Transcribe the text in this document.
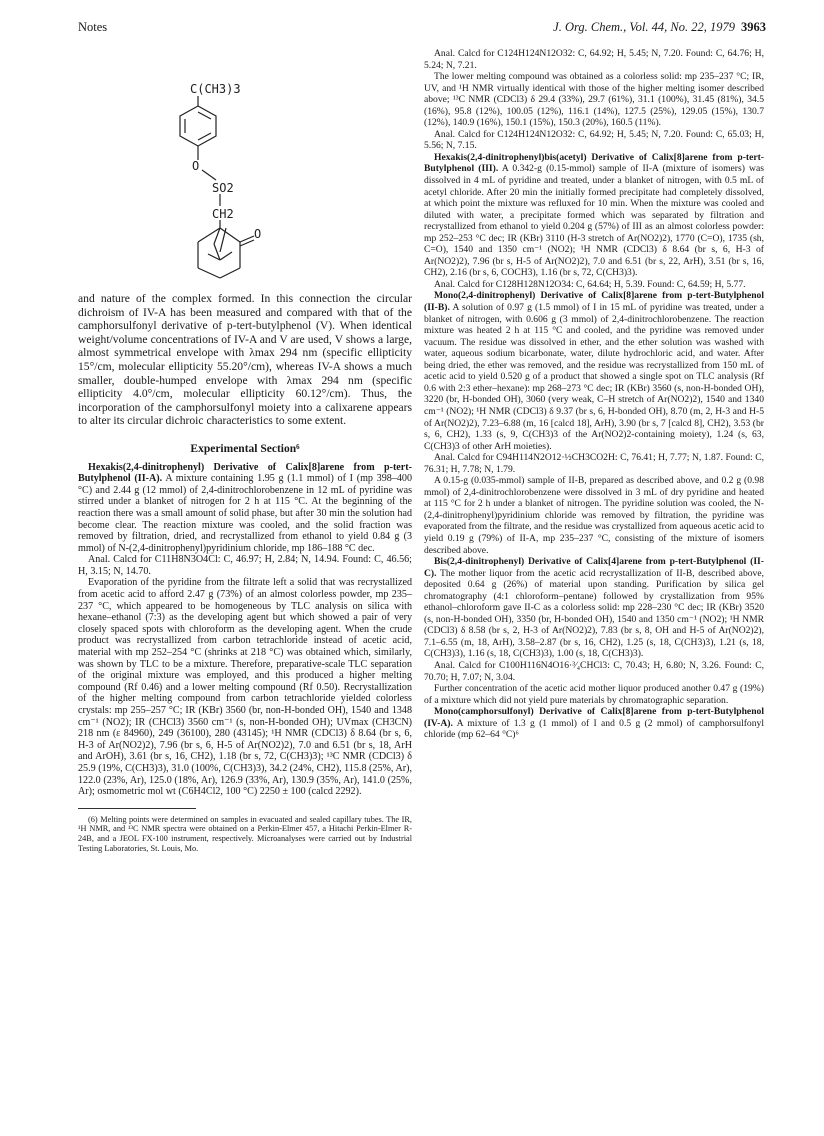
Notes	J. Org. Chem., Vol. 44, No. 22, 1979 3963
C(CH3)3
O
SO2
CH2
O

and nature of the complex formed. In this connection the circular dichroism of IV-A has been measured and compared with that of the camphorsulfonyl derivative of p-tert-butylphenol (V). When identical weight/volume concentrations of IV-A and V are used, V shows a large, almost symmetrical envelope with λmax 294 nm (specific ellipticity 15°/cm, molecular ellipticity 55.20°/cm), whereas IV-A shows a much smaller, double-humped envelope with λmax 294 nm (specific ellipticity 4.0°/cm, molecular ellipticity 60.12°/cm). Thus, the incorporation of the camphorsulfonyl moiety into a calixarene appears to alter its circular dichroic characteristics to some extent.

Experimental Section⁶

Hexakis(2,4-dinitrophenyl) Derivative of Calix[8]arene from p-tert-Butylphenol (II-A). A mixture containing 1.95 g (1.1 mmol) of I (mp 398–400 °C) and 2.44 g (12 mmol) of 2,4-dinitrochlorobenzene in 12 mL of pyridine was stirred under a blanket of nitrogen for 2 h at 115 °C. At the beginning of the reaction there was a small amount of solid phase, but after 30 min the solution had become clear. The reaction mixture was cooled, and the solid fraction was removed by filtration, dried, and recrystallized from ethanol to yield 0.84 g (3 mmol) of N-(2,4-dinitrophenyl)pyridinium chloride, mp 186–188 °C dec.

Anal. Calcd for C11H8N3O4Cl: C, 46.97; H, 2.84; N, 14.94. Found: C, 46.56; H, 3.15; N, 14.70.

Evaporation of the pyridine from the filtrate left a solid that was recrystallized from acetic acid to afford 2.47 g (73%) of an almost colorless powder, mp 235–237 °C, which appeared to be homogeneous by TLC analysis on silica with hexane–ethanol (7:3) as the developing agent but which showed a pair of very closely spaced spots with chloroform as the developing agent. When the crude product was recrystallized from carbon tetrachloride instead of acetic acid, material with mp 252–254 °C (shrinks at 218 °C) was obtained which, similarly, was shown by TLC to be a mixture. Therefore, preparative-scale TLC separation of the original mixture was employed, and this produced a higher melting compound (Rf 0.46) and a lower melting compound (Rf 0.50). Recrystallization of the higher melting compound from carbon tetrachloride yielded colorless crystals: mp 255–257 °C; IR (KBr) 3560 (br, non-H-bonded OH), 1540 and 1348 cm⁻¹ (NO2); IR (CHCl3) 3560 cm⁻¹ (s, non-H-bonded OH); UVmax (CH3CN) 218 nm (ε 84960), 249 (36100), 280 (43145); ¹H NMR (CDCl3) δ 8.64 (br s, 6, H-3 of Ar(NO2)2), 7.96 (br s, 6, H-5 of Ar(NO2)2), 7.0 and 6.51 (br s, 18, ArH and ArOH), 3.61 (br s, 16, CH2), 1.18 (br s, 72, C(CH3)3); ¹³C NMR (CDCl3) δ 25.9 (19%, C(CH3)3), 31.0 (100%, C(CH3)3), 34.2 (24%, CH2), 115.8 (25%, Ar), 122.0 (23%, Ar), 125.0 (18%, Ar), 126.9 (33%, Ar), 130.9 (35%, Ar), 141.0 (25%, Ar); osmometric mol wt (C6H4Cl2, 100 °C) 2250 ± 100 (calcd 2292).

(6) Melting points were determined on samples in evacuated and sealed capillary tubes. The IR, ¹H NMR, and ¹³C NMR spectra were obtained on a Perkin-Elmer 457, a Hitachi Perkin-Elmer R-24B, and a JEOL FX-100 instrument, respectively. Microanalyses were carried out by Industrial Testing Laboratories, St. Louis, Mo.

Anal. Calcd for C124H124N12O32: C, 64.92; H, 5.45; N, 7.20. Found: C, 64.76; H, 5.24; N, 7.21.

The lower melting compound was obtained as a colorless solid: mp 235–237 °C; IR, UV, and ¹H NMR virtually identical with those of the higher melting isomer described above; ¹³C NMR (CDCl3) δ 29.4 (33%), 29.7 (61%), 31.1 (100%), 31.45 (81%), 34.5 (16%), 95.8 (12%), 100.05 (12%), 116.1 (14%), 127.5 (25%), 129.05 (15%), 130.7 (12%), 140.9 (16%), 150.1 (15%), 150.3 (20%), 160.5 (11%).

Anal. Calcd for C124H124N12O32: C, 64.92; H, 5.45; N, 7.20. Found: C, 65.03; H, 5.56; N, 7.15.

Hexakis(2,4-dinitrophenyl)bis(acetyl) Derivative of Calix[8]arene from p-tert-Butylphenol (III). A 0.342-g (0.15-mmol) sample of II-A (mixture of isomers) was dissolved in 4 mL of pyridine and treated, under a blanket of nitrogen, with 0.5 mL of acetyl chloride. After 20 min the initially formed precipitate had completely dissolved, at which point the mixture was refluxed for 10 min. When the mixture was cooled and diluted with water, a precipitate formed which was separated by filtration and recrystallized from ethanol to yield 0.204 g (57%) of III as an almost colorless powder: mp 252–253 °C dec; IR (KBr) 3110 (H-3 stretch of Ar(NO2)2), 1770 (C=O), 1735 (sh, C=O), 1540 and 1350 cm⁻¹ (NO2); ¹H NMR (CDCl3) δ 8.64 (br s, 6, H-3 of Ar(NO2)2), 7.96 (br s, H-5 of Ar(NO2)2), 7.0 and 6.51 (br s, 22, ArH), 3.51 (br s, 16, CH2), 2.16 (br s, 6, COCH3), 1.16 (br s, 72, C(CH3)3).

Anal. Calcd for C128H128N12O34: C, 64.64; H, 5.39. Found: C, 64.59; H, 5.77.

Mono(2,4-dinitrophenyl) Derivative of Calix[8]arene from p-tert-Butylphenol (II-B). A solution of 0.97 g (1.5 mmol) of I in 15 mL of pyridine was treated, under a blanket of nitrogen, with 0.606 g (3 mmol) of 2,4-dinitrochlorobenzene. The reaction mixture was heated 2 h at 115 °C and cooled, and the pyridine was removed under vacuum. The residue was dissolved in ether, and the ether solution was washed with water, aqueous sodium bicarbonate, water, dilute hydrochloric acid, and water. After being dried, the ether was removed, and the residue was recrystallized from 150 mL of acetic acid to yield 0.520 g of a product that showed a single spot on TLC analysis (Rf 0.6 with 2:3 ether–hexane): mp 268–273 °C dec; IR (KBr) 3560 (s, non-H-bonded OH), 3220 (br, H-bonded OH), 3060 (very weak, C–H stretch of Ar(NO2)2), 1540 and 1340 cm⁻¹ (NO2); ¹H NMR (CDCl3) δ 9.37 (br s, 6, H-bonded OH), 8.70 (m, 2, H-3 and H-5 of Ar(NO2)2), 7.23–6.88 (m, 16 [calcd 18], ArH), 3.90 (br s, 7 [calcd 8], CH2), 3.53 (br s, 6, CH2), 1.33 (s, 9, C(CH3)3 of the Ar(NO2)2-containing moiety), 1.24 (s, 63, C(CH3)3 of other ArH moieties).

Anal. Calcd for C94H114N2O12·½CH3CO2H: C, 76.41; H, 7.77; N, 1.87. Found: C, 76.31; H, 7.78; N, 1.79.

A 0.15-g (0.035-mmol) sample of II-B, prepared as described above, and 0.2 g (0.98 mmol) of 2,4-dinitrochlorobenzene were dissolved in 3 mL of dry pyridine and heated at 115 °C for 2 h under a blanket of nitrogen. The pyridine solution was cooled, the N-(2,4-dinitrophenyl)pyridinium chloride was removed by filtration, the pyridine was evaporated from the filtrate, and the residue was crystallized from aqueous acetic acid to yield 0.19 g (79%) of II-A, mp 235–237 °C, consisting of the mixture of isomers described above.

Bis(2,4-dinitrophenyl) Derivative of Calix[4]arene from p-tert-Butylphenol (II-C). The mother liquor from the acetic acid recrystallization of II-B, described above, deposited 0.64 g (26%) of material upon standing. Purification by silica gel chromatography (4:1 chloroform–pentane) followed by crystallization from 95% ethanol–chloroform gave II-C as a colorless solid: mp 228–230 °C dec; IR (KBr) 3520 (s, non-H-bonded OH), 3350 (br, H-bonded OH), 1540 and 1350 cm⁻¹ (NO2); ¹H NMR (CDCl3) δ 8.58 (br s, 2, H-3 of Ar(NO2)2), 7.83 (br s, 8, OH and H-5 of Ar(NO2)2), 7.1–6.55 (m, 18, ArH), 3.58–2.87 (br s, 16, CH2), 1.25 (s, 18, C(CH3)3), 1.21 (s, 18, C(CH3)3), 1.16 (s, 18, C(CH3)3), 1.00 (s, 18, C(CH3)3).

Anal. Calcd for C100H116N4O16·³⁄₄CHCl3: C, 70.43; H, 6.80; N, 3.26. Found: C, 70.70; H, 7.07; N, 3.04.

Further concentration of the acetic acid mother liquor produced another 0.47 g (19%) of a mixture which did not yield pure materials by chromatographic separation.

Mono(camphorsulfonyl) Derivative of Calix[8]arene from p-tert-Butylphenol (IV-A). A mixture of 1.3 g (1 mmol) of I and 0.5 g (2 mmol) of camphorsulfonyl chloride (mp 62–64 °C)⁶
